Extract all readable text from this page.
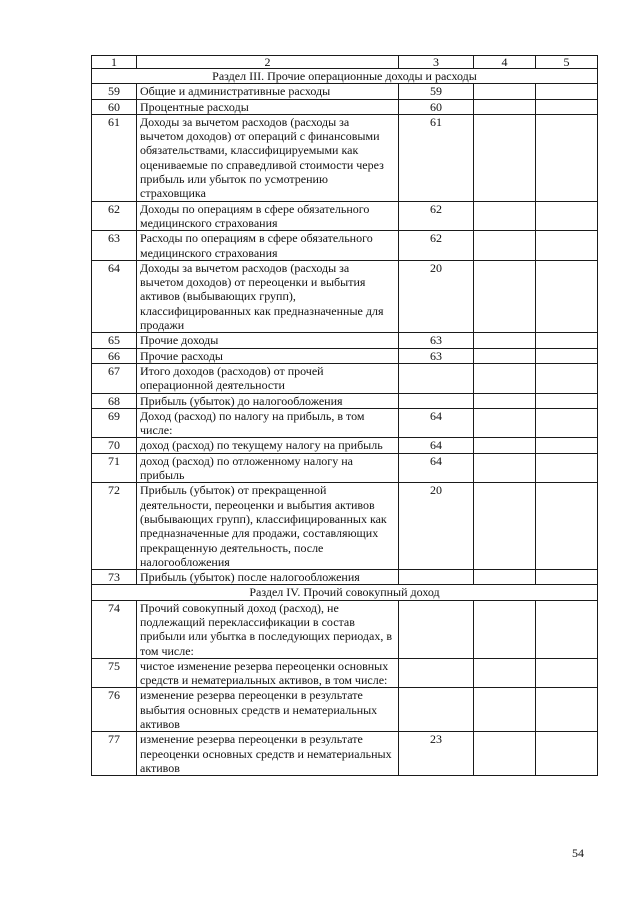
1	2	3	4	5
Раздел III. Прочие операционные доходы и расходы				
59	Общие и административные расходы	59		
60	Процентные расходы	60		
61	Доходы за вычетом расходов (расходы за вычетом доходов) от операций с финансовыми обязательствами, классифицируемыми как оцениваемые по справедливой стоимости через прибыль или убыток по усмотрению страховщика	61		
62	Доходы по операциям в сфере обязательного медицинского страхования	62		
63	Расходы по операциям в сфере обязательного медицинского страхования	62		
64	Доходы за вычетом расходов (расходы за вычетом доходов) от переоценки и выбытия активов (выбывающих групп), классифицированных как предназначенные для продажи	20		
65	Прочие доходы	63		
66	Прочие расходы	63		
67	Итого доходов (расходов) от прочей операционной деятельности			
68	Прибыль (убыток) до налогообложения			
69	Доход (расход) по налогу на прибыль, в том числе:	64		
70	доход (расход) по текущему налогу на прибыль	64		
71	доход (расход) по отложенному налогу на прибыль	64		
72	Прибыль (убыток) от прекращенной деятельности, переоценки и выбытия активов (выбывающих групп), классифицированных как предназначенные для продажи, составляющих прекращенную деятельность, после налогообложения	20		
73	Прибыль (убыток) после налогообложения			
Раздел IV. Прочий совокупный доход				
74	Прочий совокупный доход (расход), не подлежащий переклассификации в состав прибыли или убытка в последующих периодах, в том числе:			
75	чистое изменение резерва переоценки основных средств и нематериальных активов, в том числе:			
76	изменение резерва переоценки в результате выбытия основных средств и нематериальных активов			
77	изменение резерва переоценки в результате переоценки основных средств и нематериальных активов	23		
54
